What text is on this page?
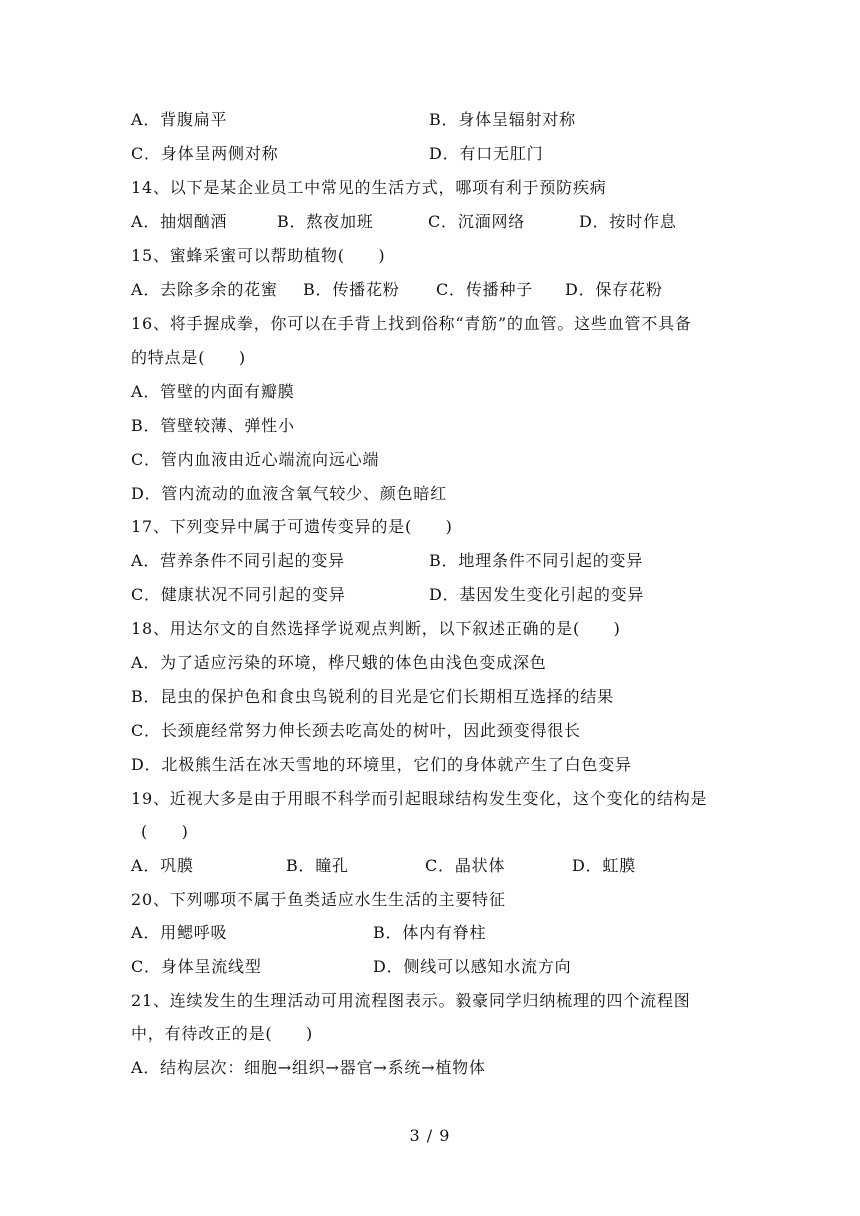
A．背腹扁平	B．身体呈辐射对称
C．身体呈两侧对称	D．有口无肛门
14、以下是某企业员工中常见的生活方式，哪项有利于预防疾病
A．抽烟酗酒	B．熬夜加班	C．沉湎网络	D．按时作息
15、蜜蜂采蜜可以帮助植物(　　)
A．去除多余的花蜜 B．传播花粉 C．传播种子 D．保存花粉
16、将手握成拳，你可以在手背上找到俗称“青筋”的血管。这些血管不具备
的特点是(　　)
A．管壁的内面有瓣膜
B．管壁较薄、弹性小
C．管内血液由近心端流向远心端
D．管内流动的血液含氧气较少、颜色暗红
17、下列变异中属于可遗传变异的是(　　)
A．营养条件不同引起的变异	B．地理条件不同引起的变异
C．健康状况不同引起的变异	D．基因发生变化引起的变异
18、用达尔文的自然选择学说观点判断，以下叙述正确的是(　　)
A．为了适应污染的环境，桦尺蛾的体色由浅色变成深色
B．昆虫的保护色和食虫鸟锐利的目光是它们长期相互选择的结果
C．长颈鹿经常努力伸长颈去吃高处的树叶，因此颈变得很长
D．北极熊生活在冰天雪地的环境里，它们的身体就产生了白色变异
19、近视大多是由于用眼不科学而引起眼球结构发生变化，这个变化的结构是
(　　)
A．巩膜	B．瞳孔	C．晶状体	D．虹膜
20、下列哪项不属于鱼类适应水生生活的主要特征
A．用鳃呼吸	B．体内有脊柱
C．身体呈流线型	D．侧线可以感知水流方向
21、连续发生的生理活动可用流程图表示。毅豪同学归纳梳理的四个流程图
中，有待改正的是(　　)
A．结构层次：细胞→组织→器官→系统→植物体
3 / 9
